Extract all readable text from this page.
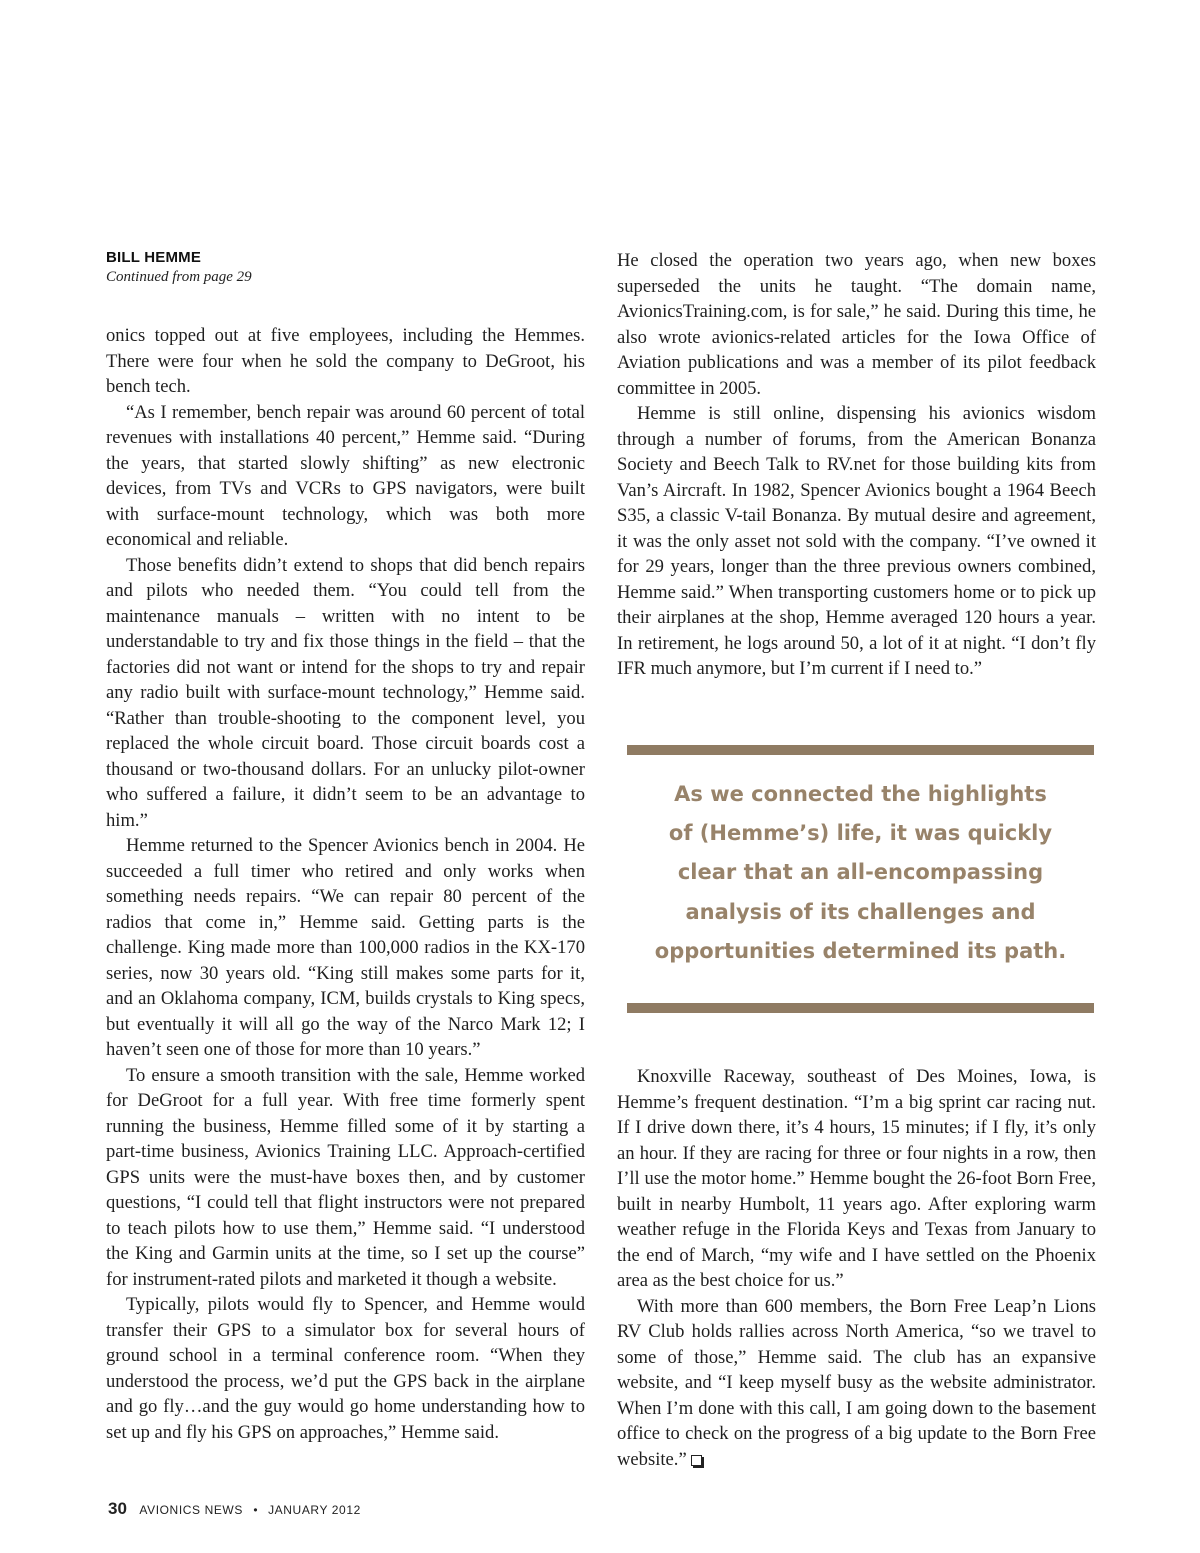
BILL HEMME
Continued from page 29

onics topped out at five employees, including the Hemmes. There were four when he sold the company to DeGroot, his bench tech.

“As I remember, bench repair was around 60 percent of total revenues with installations 40 percent,” Hemme said. “During the years, that started slowly shifting” as new electronic devices, from TVs and VCRs to GPS navigators, were built with surface-mount technology, which was both more economical and reliable.

Those benefits didn’t extend to shops that did bench repairs and pilots who needed them. “You could tell from the maintenance manuals – written with no intent to be understandable to try and fix those things in the field – that the factories did not want or intend for the shops to try and repair any radio built with surface-mount technology,” Hemme said. “Rather than trouble-shooting to the component level, you replaced the whole circuit board. Those circuit boards cost a thousand or two-thousand dollars. For an unlucky pilot-owner who suffered a failure, it didn’t seem to be an advantage to him.”

Hemme returned to the Spencer Avionics bench in 2004. He succeeded a full timer who retired and only works when something needs repairs. “We can repair 80 percent of the radios that come in,” Hemme said. Getting parts is the challenge. King made more than 100,000 radios in the KX-170 series, now 30 years old. “King still makes some parts for it, and an Oklahoma company, ICM, builds crystals to King specs, but eventually it will all go the way of the Narco Mark 12; I haven’t seen one of those for more than 10 years.”

To ensure a smooth transition with the sale, Hemme worked for DeGroot for a full year. With free time formerly spent running the business, Hemme filled some of it by starting a part-time business, Avionics Training LLC. Approach-certified GPS units were the must-have boxes then, and by customer questions, “I could tell that flight instructors were not prepared to teach pilots how to use them,” Hemme said. “I understood the King and Garmin units at the time, so I set up the course” for instrument-rated pilots and marketed it though a website.

Typically, pilots would fly to Spencer, and Hemme would transfer their GPS to a simulator box for several hours of ground school in a terminal conference room. “When they understood the process, we’d put the GPS back in the airplane and go fly…and the guy would go home understanding how to set up and fly his GPS on approaches,” Hemme said.

He closed the operation two years ago, when new boxes superseded the units he taught. “The domain name, AvionicsTraining.com, is for sale,” he said. During this time, he also wrote avionics-related articles for the Iowa Office of Aviation publications and was a member of its pilot feedback committee in 2005.

Hemme is still online, dispensing his avionics wisdom through a number of forums, from the American Bonanza Society and Beech Talk to RV.net for those building kits from Van’s Aircraft. In 1982, Spencer Avionics bought a 1964 Beech S35, a classic V-tail Bonanza. By mutual desire and agreement, it was the only asset not sold with the company. “I’ve owned it for 29 years, longer than the three previous owners combined, Hemme said.” When transporting customers home or to pick up their airplanes at the shop, Hemme averaged 120 hours a year. In retirement, he logs around 50, a lot of it at night. “I don’t fly IFR much anymore, but I’m current if I need to.”

As we connected the highlights
of (Hemme’s) life, it was quickly
clear that an all-encompassing
analysis of its challenges and
opportunities determined its path.

Knoxville Raceway, southeast of Des Moines, Iowa, is Hemme’s frequent destination. “I’m a big sprint car racing nut. If I drive down there, it’s 4 hours, 15 minutes; if I fly, it’s only an hour. If they are racing for three or four nights in a row, then I’ll use the motor home.” Hemme bought the 26-foot Born Free, built in nearby Humbolt, 11 years ago. After exploring warm weather refuge in the Florida Keys and Texas from January to the end of March, “my wife and I have settled on the Phoenix area as the best choice for us.”

With more than 600 members, the Born Free Leap’n Lions RV Club holds rallies across North America, “so we travel to some of those,” Hemme said. The club has an expansive website, and “I keep myself busy as the website administrator. When I’m done with this call, I am going down to the basement office to check on the progress of a big update to the Born Free website.”

30 AVIONICS NEWS • JANUARY 2012
